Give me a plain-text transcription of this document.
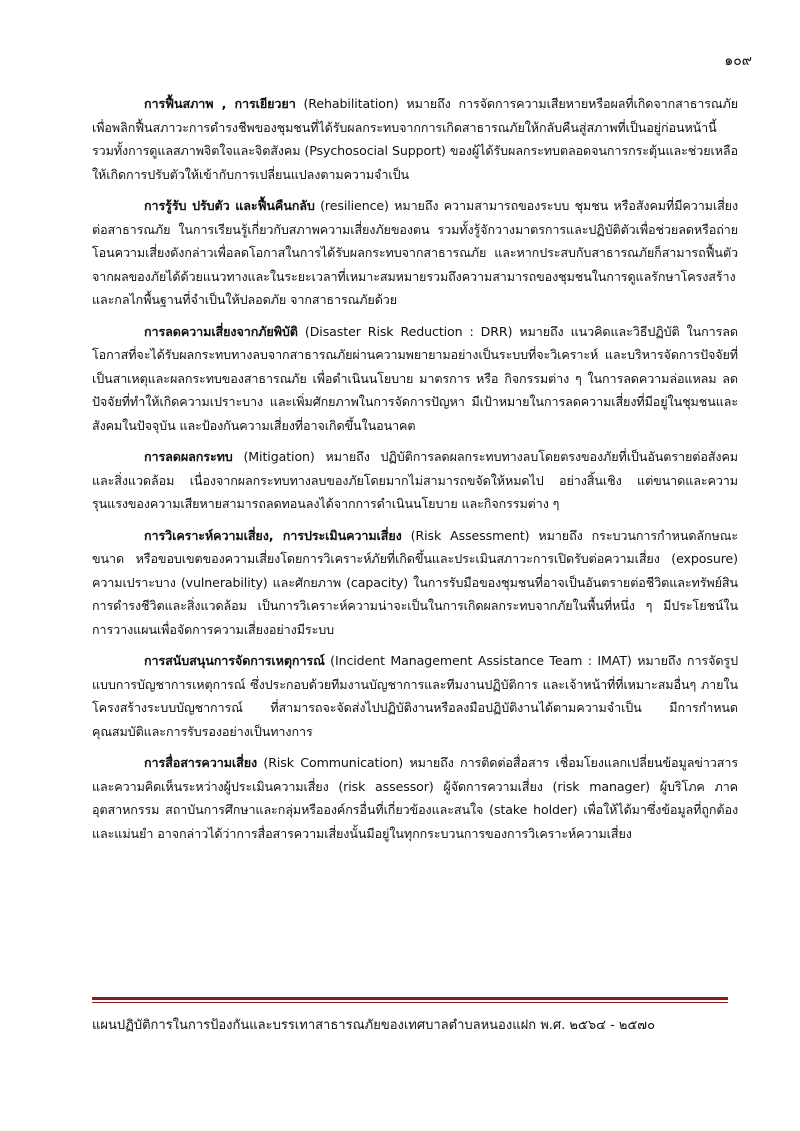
๑๐๙

การฟื้นสภาพ , การเยียวยา (Rehabilitation) หมายถึง การจัดการความเสียหายหรือผลที่เกิดจากสาธารณภัยเพื่อพลิกฟื้นสภาวะการดำรงชีพของชุมชนที่ได้รับผลกระทบจากการเกิดสาธารณภัยให้กลับคืนสู่สภาพที่เป็นอยู่ก่อนหน้านี้ รวมทั้งการดูแลสภาพจิตใจและจิตสังคม (Psychosocial Support) ของผู้ได้รับผลกระทบตลอดจนการกระตุ้นและช่วยเหลือให้เกิดการปรับตัวให้เข้ากับการเปลี่ยนแปลงตามความจำเป็น

การรู้รับ ปรับตัว และฟื้นคืนกลับ (resilience) หมายถึง ความสามารถของระบบ ชุมชน หรือสังคมที่มีความเสี่ยงต่อสาธารณภัย ในการเรียนรู้เกี่ยวกับสภาพความเสี่ยงภัยของตน รวมทั้งรู้จักวางมาตรการและปฏิบัติตัวเพื่อช่วยลดหรือถ่ายโอนความเสี่ยงดังกล่าวเพื่อลดโอกาสในการได้รับผลกระทบจากสาธารณภัย และหากประสบกับสาธารณภัยก็สามารถฟื้นตัวจากผลของภัยได้ด้วยแนวทางและในระยะเวลาที่เหมาะสมหมายรวมถึงความสามารถของชุมชนในการดูแลรักษาโครงสร้างและกลไกพื้นฐานที่จำเป็นให้ปลอดภัย จากสาธารณภัยด้วย

การลดความเสี่ยงจากภัยพิบัติ (Disaster Risk Reduction : DRR) หมายถึง แนวคิดและวิธีปฏิบัติ ในการลดโอกาสที่จะได้รับผลกระทบทางลบจากสาธารณภัยผ่านความพยายามอย่างเป็นระบบที่จะวิเคราะห์ และบริหารจัดการปัจจัยที่เป็นสาเหตุและผลกระทบของสาธารณภัย เพื่อดำเนินนโยบาย มาตรการ หรือ กิจกรรมต่าง ๆ ในการลดความล่อแหลม ลดปัจจัยที่ทำให้เกิดความเปราะบาง และเพิ่มศักยภาพในการจัดการปัญหา มีเป้าหมายในการลดความเสี่ยงที่มีอยู่ในชุมชนและสังคมในปัจจุบัน และป้องกันความเสี่ยงที่อาจเกิดขึ้นในอนาคต

การลดผลกระทบ (Mitigation) หมายถึง ปฏิบัติการลดผลกระทบทางลบโดยตรงของภัยที่เป็นอันตรายต่อสังคมและสิ่งแวดล้อม เนื่องจากผลกระทบทางลบของภัยโดยมากไม่สามารถขจัดให้หมดไป อย่างสิ้นเชิง แต่ขนาดและความรุนแรงของความเสียหายสามารถลดทอนลงได้จากการดำเนินนโยบาย และกิจกรรมต่าง ๆ

การวิเคราะห์ความเสี่ยง, การประเมินความเสี่ยง (Risk Assessment) หมายถึง กระบวนการกำหนดลักษณะ ขนาด หรือขอบเขตของความเสี่ยงโดยการวิเคราะห์ภัยที่เกิดขึ้นและประเมินสภาวะการเปิดรับต่อความเสี่ยง (exposure) ความเปราะบาง (vulnerability) และศักยภาพ (capacity) ในการรับมือของชุมชนที่อาจเป็นอันตรายต่อชีวิตและทรัพย์สิน การดำรงชีวิตและสิ่งแวดล้อม เป็นการวิเคราะห์ความน่าจะเป็นในการเกิดผลกระทบจากภัยในพื้นที่หนึ่ง ๆ มีประโยชน์ในการวางแผนเพื่อจัดการความเสี่ยงอย่างมีระบบ

การสนับสนุนการจัดการเหตุการณ์ (Incident Management Assistance Team : IMAT) หมายถึง การจัดรูปแบบการบัญชาการเหตุการณ์ ซึ่งประกอบด้วยทีมงานบัญชาการและทีมงานปฏิบัติการ และเจ้าหน้าที่ที่เหมาะสมอื่นๆ ภายในโครงสร้างระบบบัญชาการณ์ ที่สามารถจะจัดส่งไปปฏิบัติงานหรือลงมือปฏิบัติงานได้ตามความจำเป็น มีการกำหนดคุณสมบัติและการรับรองอย่างเป็นทางการ

การสื่อสารความเสี่ยง (Risk Communication) หมายถึง การติดต่อสื่อสาร เชื่อมโยงแลกเปลี่ยนข้อมูลข่าวสารและความคิดเห็นระหว่างผู้ประเมินความเสี่ยง (risk assessor) ผู้จัดการความเสี่ยง (risk manager) ผู้บริโภค ภาคอุตสาหกรรม สถาบันการศึกษาและกลุ่มหรือองค์กรอื่นที่เกี่ยวข้องและสนใจ (stake holder) เพื่อให้ได้มาซึ่งข้อมูลที่ถูกต้องและแม่นยำ อาจกล่าวได้ว่าการสื่อสารความเสี่ยงนั้นมีอยู่ในทุกกระบวนการของการวิเคราะห์ความเสี่ยง

แผนปฏิบัติการในการป้องกันและบรรเทาสาธารณภัยของเทศบาลตำบลหนองแฝก พ.ศ. ๒๕๖๔ - ๒๕๗๐
